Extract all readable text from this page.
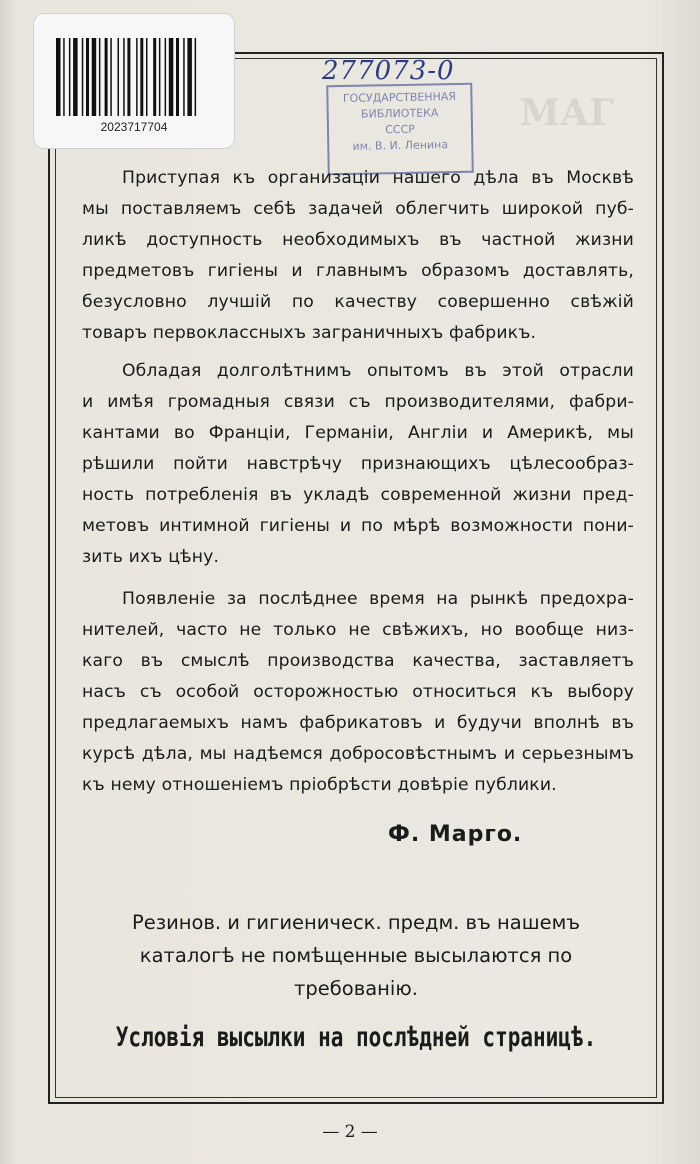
МАГ
2023717704
277073-0
ГОСУДАРСТВЕННАЯ
БИБЛИОТЕКА
СССР
им. В. И. Ленина
Приступая къ организаціи нашего дѣла въ Москвѣ
мы поставляемъ себѣ задачей облегчить широкой пуб-
ликѣ доступность необходимыхъ въ частной жизни
предметовъ гигіены и главнымъ образомъ доставлять,
безусловно лучшій по качеству совершенно свѣжій
товаръ первоклассныхъ заграничныхъ фабрикъ.
Обладая долголѣтнимъ опытомъ въ этой отрасли
и имѣя громадныя связи съ производителями, фабри-
кантами во Франціи, Германіи, Англіи и Америкѣ, мы
рѣшили пойти навстрѣчу признающихъ цѣлесообраз-
ность потребленія въ укладѣ современной жизни пред-
метовъ интимной гигіены и по мѣрѣ возможности пони-
зить ихъ цѣну.
Появленіе за послѣднее время на рынкѣ предохра-
нителей, часто не только не свѣжихъ, но вообще низ-
каго въ смыслѣ производства качества, заставляетъ
насъ съ особой осторожностью относиться къ выбору
предлагаемыхъ намъ фабрикатовъ и будучи вполнѣ въ
курсѣ дѣла, мы надѣемся добросовѣстнымъ и серьезнымъ
къ нему отношеніемъ пріобрѣсти довѣріе публики.
Ф. Марго.
Резинов. и гигиеническ. предм. въ нашемъ
каталогѣ не помѣщенные высылаются по
требованію.
Условія высылки на послѣдней страницѣ.
— 2 —
